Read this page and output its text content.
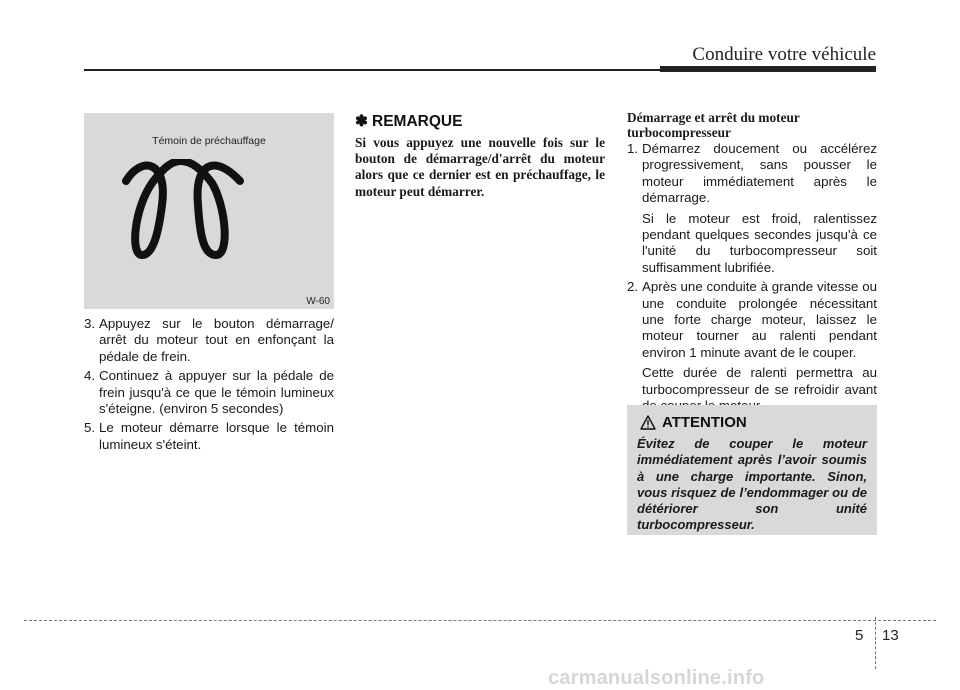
Conduire votre véhicule
Témoin de préchauffage
W-60
3. Appuyez sur le bouton démarrage/ arrêt du moteur tout en enfonçant la pédale de frein.

4. Continuez à appuyer sur la pédale de frein jusqu'à ce que le témoin lumineux s'éteigne. (environ 5 secondes)

5. Le moteur démarre lorsque le témoin lumineux s'éteint.

✽ REMARQUE
Si vous appuyez une nouvelle fois sur le bouton de démarrage/d'arrêt du moteur alors que ce dernier est en préchauffage, le moteur peut démarrer.
Démarrage et arrêt du moteur turbocompresseur
1. Démarrez doucement ou accélérez progressivement, sans pousser le moteur immédiatement après le démarrage.

Si le moteur est froid, ralentissez pendant quelques secondes jusqu'à ce l'unité du turbocompresseur soit suffisamment lubrifiée.

2. Après une conduite à grande vitesse ou une conduite prolongée nécessitant une forte charge moteur, laissez le moteur tourner au ralenti pendant environ 1 minute avant de le couper.

Cette durée de ralenti permettra au turbocompresseur de se refroidir avant

ATTENTION
Évitez de couper le moteur immédiatement après l’avoir soumis à une charge importante. Sinon, vous risquez de l’endommager ou de détériorer son unité turbocompresseur.
5 13
carmanualsonline.info
